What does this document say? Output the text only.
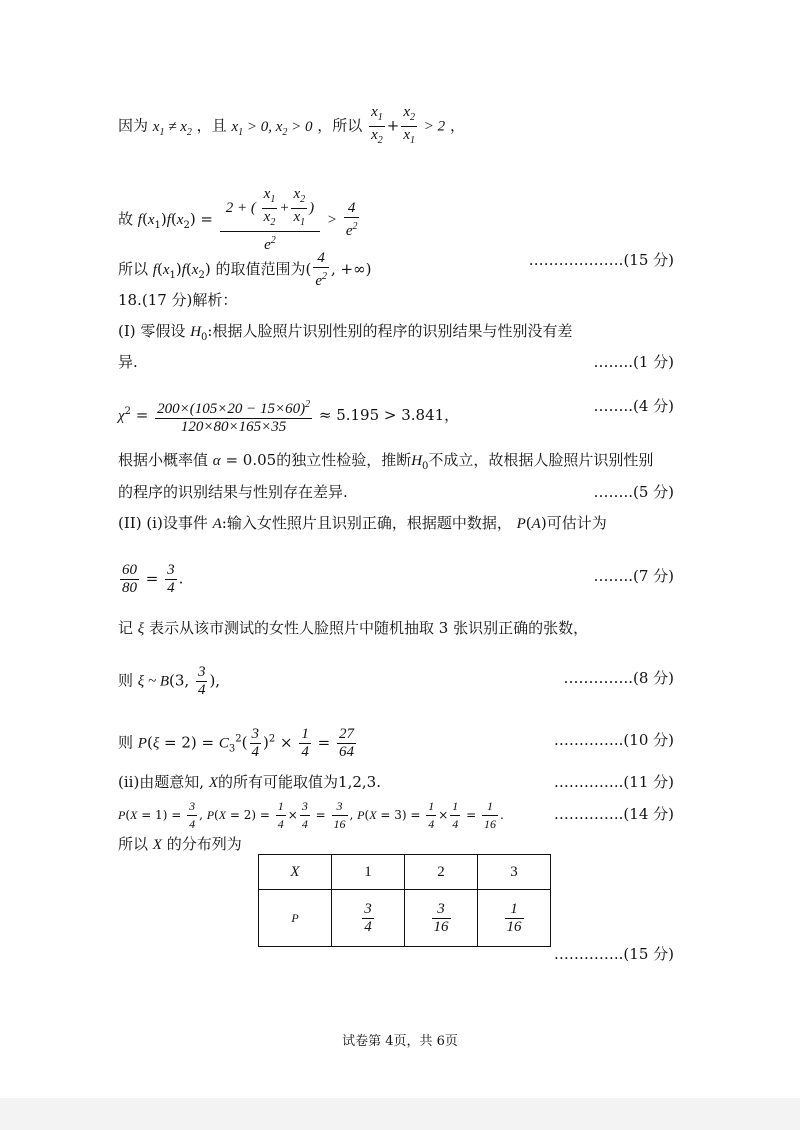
因为 $x_1 \ne x_2$ ，且 $x_1 > 0$, $x_2 > 0$ ，所以 $\frac{x_1}{x_2} + \frac{x_2}{x_1} > 2$ ，
故 $f(x_1)f(x_2) = \frac{2 + ( \frac{x_1}{x_2} + \frac{x_2}{x_1} )}{e^2} > \frac{4}{e^2}$
所以 $f(x_1)f(x_2)$ 的取值范围为( $\frac{4}{e^2}$ , +∞)	……………….(15 分)
18.(17 分)解析：
(I) 零假设 $H_0$:根据人脸照片识别性别的程序的识别结果与性别没有差
异.	……..(1 分)
$\chi^2 = \frac{200\times(105\times 20 - 15\times 60)^2}{120\times 80\times 165\times 35} \approx 5.195 > 3.841$，	……..(4 分)
根据小概率值 α = 0.05的独立性检验，推断$H_0$不成立，故根据人脸照片识别性别
的程序的识别结果与性别存在差异.	……..(5 分)
(II) (i)设事件 A:输入女性照片且识别正确，根据题中数据， P(A)可估计为
$\frac{60}{80} = \frac{3}{4}$ .	……..(7 分)
记 ξ 表示从该市测试的女性人脸照片中随机抽取 3 张识别正确的张数，
则 ξ ~ B(3, $\frac{3}{4}$ ),	…………..(8 分)
则 $P(\xi = 2) = C_3^2( \frac{3}{4} )^2 \times \frac{1}{4} = \frac{27}{64}$	…………..(10 分)
(ii)由题意知, X的所有可能取值为1,2,3.	…………..(11 分)
$P(X = 1) = \frac{3}{4}$ , $P(X = 2) = \frac{1}{4} \times \frac{3}{4} = \frac{3}{16}$ , $P(X = 3) = \frac{1}{4} \times \frac{1}{4} = \frac{1}{16}$ .	…………..(14 分)
所以 X 的分布列为
X	1	2	3
P	$\frac{3}{4}$	$\frac{3}{16}$	$\frac{1}{16}$
…………..(15 分)
试卷第 4页，共 6页
